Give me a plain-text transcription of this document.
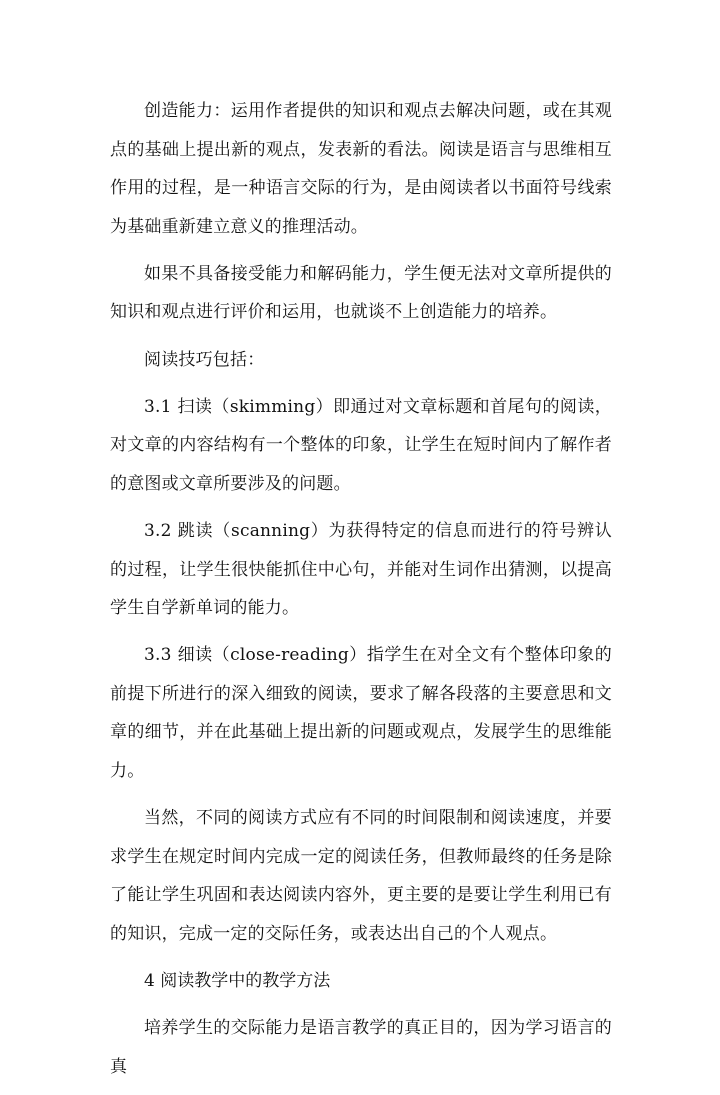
创造能力：运用作者提供的知识和观点去解决问题，或在其观点的基础上提出新的观点，发表新的看法。阅读是语言与思维相互作用的过程，是一种语言交际的行为，是由阅读者以书面符号线索为基础重新建立意义的推理活动。

如果不具备接受能力和解码能力，学生便无法对文章所提供的知识和观点进行评价和运用，也就谈不上创造能力的培养。

阅读技巧包括：

3.1 扫读（skimming）即通过对文章标题和首尾句的阅读，对文章的内容结构有一个整体的印象，让学生在短时间内了解作者的意图或文章所要涉及的问题。

3.2 跳读（scanning）为获得特定的信息而进行的符号辨认的过程，让学生很快能抓住中心句，并能对生词作出猜测，以提高学生自学新单词的能力。

3.3 细读（close-reading）指学生在对全文有个整体印象的前提下所进行的深入细致的阅读，要求了解各段落的主要意思和文章的细节，并在此基础上提出新的问题或观点，发展学生的思维能力。

当然，不同的阅读方式应有不同的时间限制和阅读速度，并要求学生在规定时间内完成一定的阅读任务，但教师最终的任务是除了能让学生巩固和表达阅读内容外，更主要的是要让学生利用已有的知识，完成一定的交际任务，或表达出自己的个人观点。

4 阅读教学中的教学方法

培养学生的交际能力是语言教学的真正目的，因为学习语言的真
